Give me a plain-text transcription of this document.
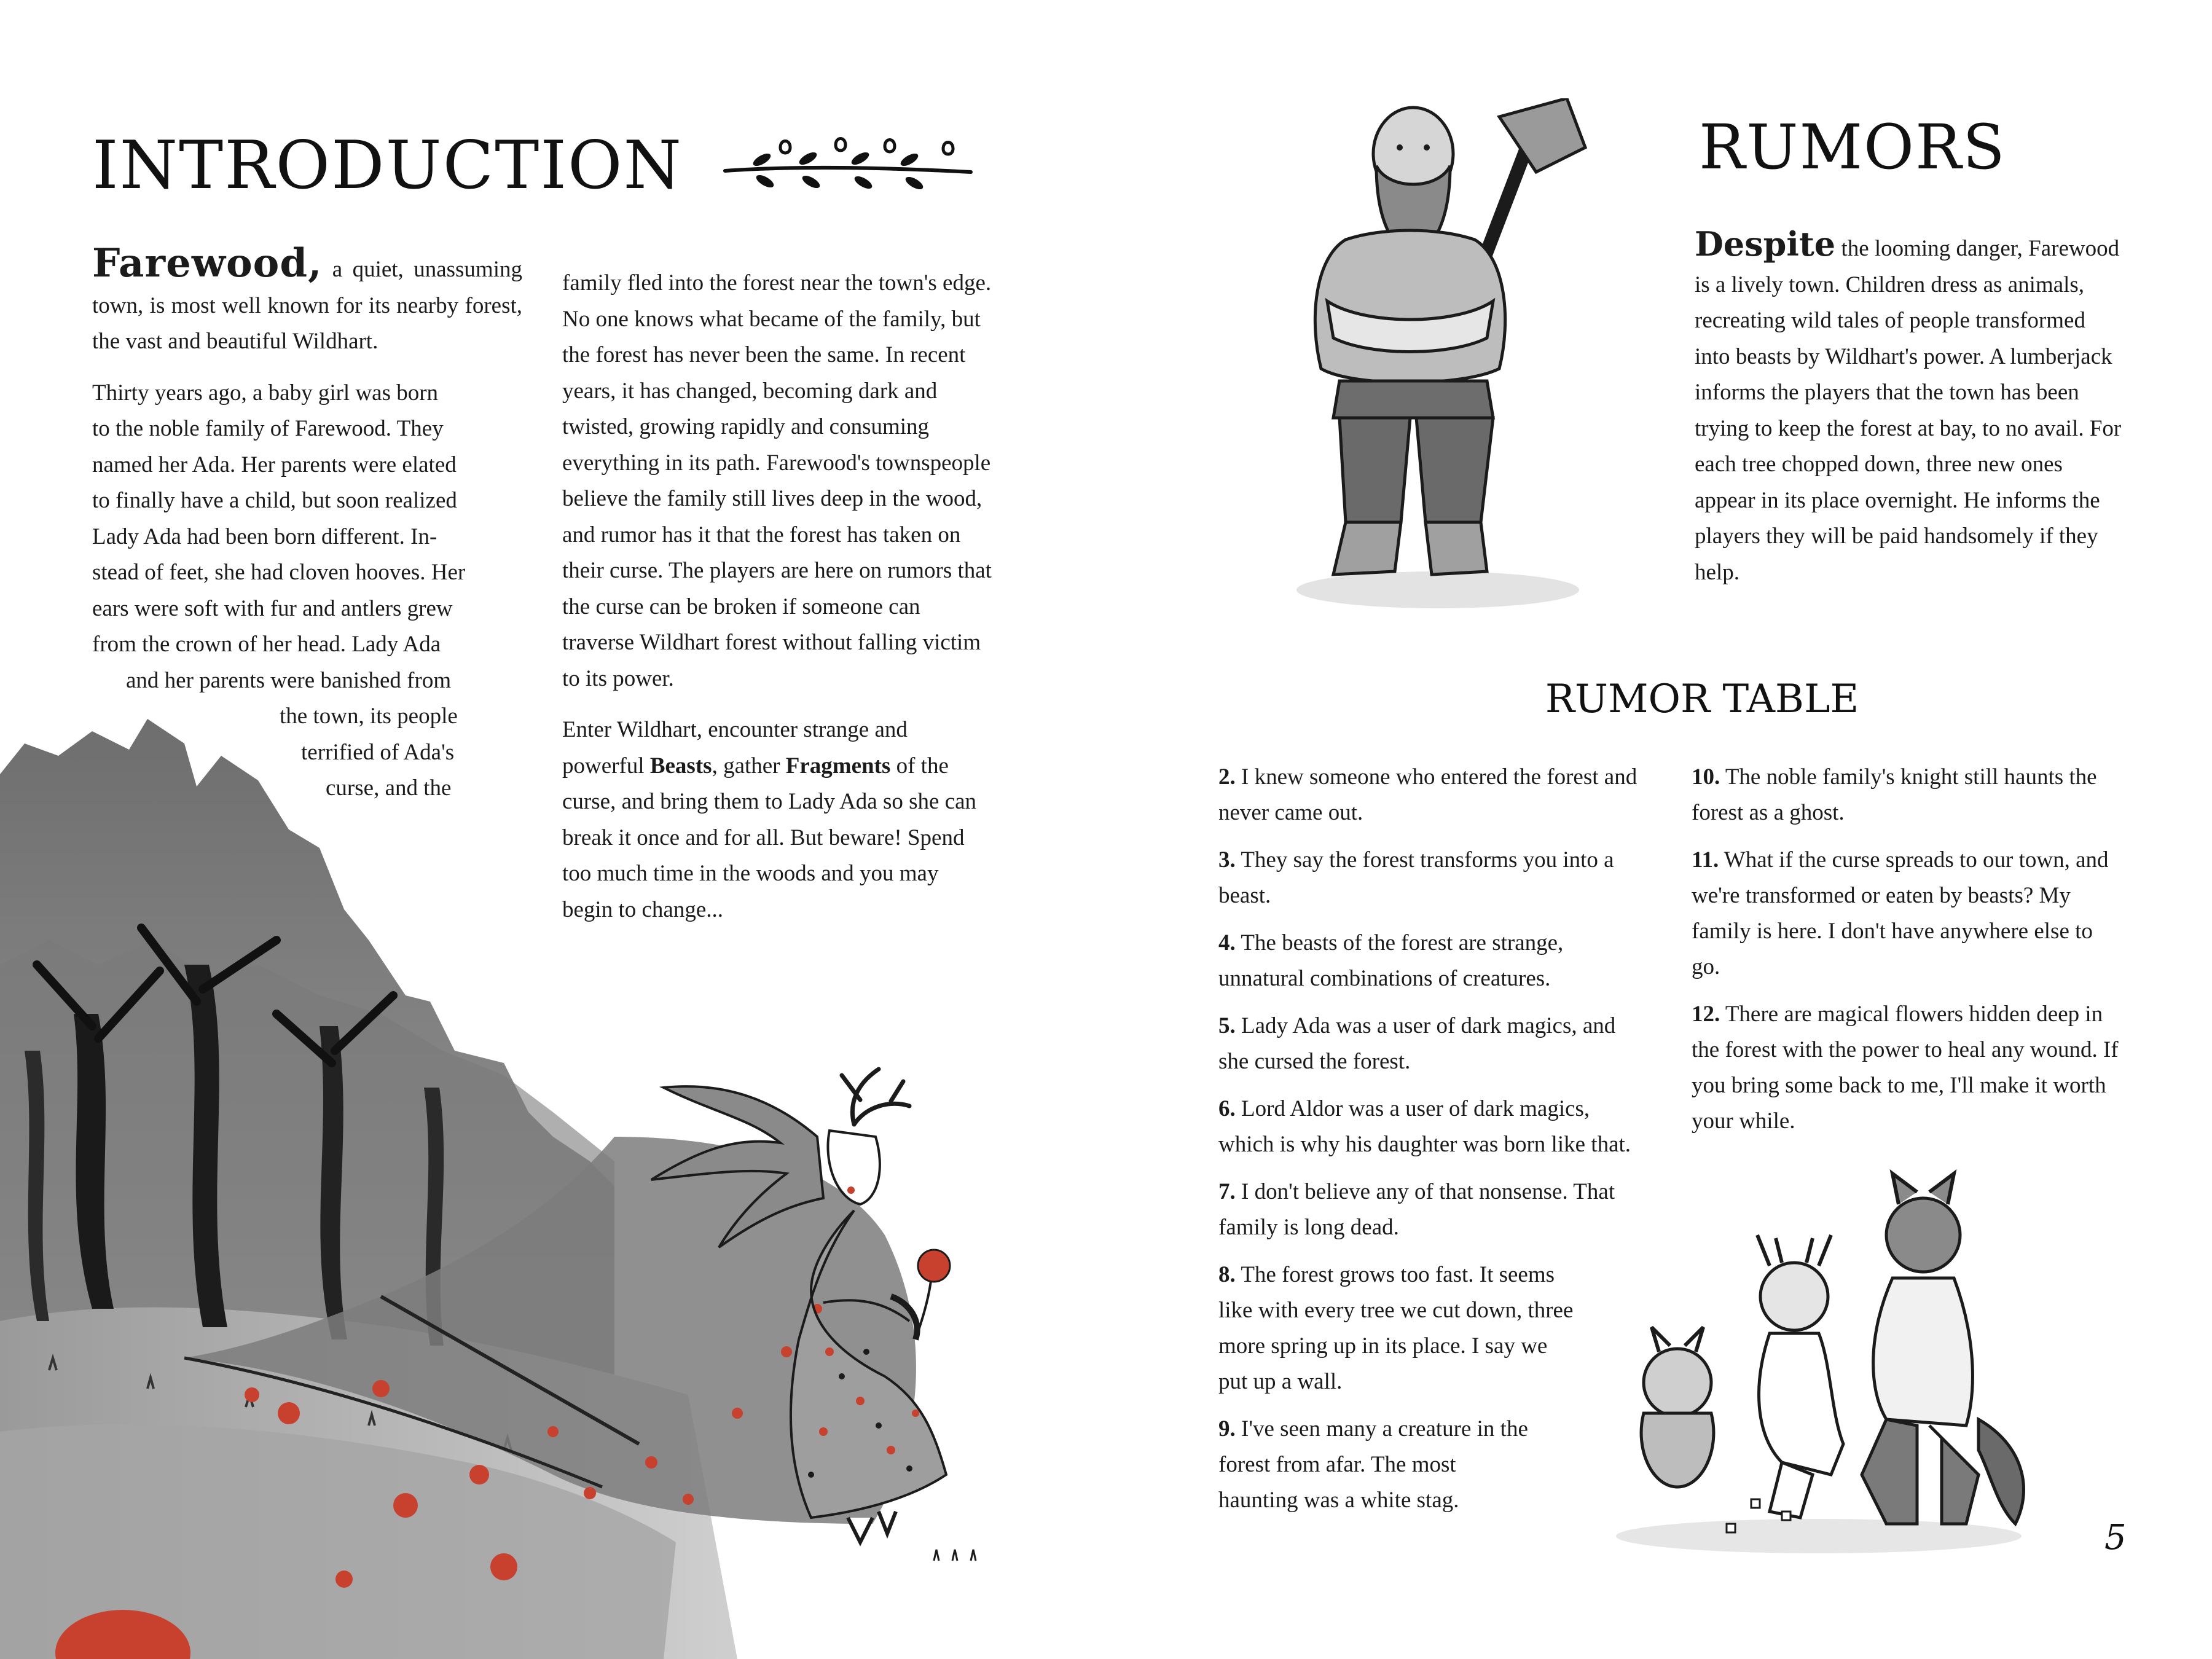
INTRODUCTION

Farewood, a quiet, unassuming town, is most well known for its nearby forest, the vast and beautiful Wildhart.

Thirty years ago, a baby girl was born
to the noble family of Farewood. They
named her Ada. Her parents were elated
to finally have a child, but soon realized
Lady Ada had been born different. In-
stead of feet, she had cloven hooves. Her
ears were soft with fur and antlers grew
from the crown of her head. Lady Ada
and her parents were banished from
the town, its people
terrified of Ada's
curse, and the

family fled into the forest near the town's edge. No one knows what became of the family, but the forest has never been the same. In recent years, it has changed, becoming dark and twisted, growing rapidly and consuming everything in its path. Farewood's townspeople believe the family still lives deep in the wood, and rumor has it that the forest has taken on their curse. The players are here on rumors that the curse can be broken if someone can traverse Wildhart forest without falling victim to its power.

Enter Wildhart, encounter strange and powerful Beasts, gather Fragments of the curse, and bring them to Lady Ada so she can break it once and for all. But beware! Spend too much time in the woods and you may begin to change...

RUMORS

Despite the looming danger, Farewood is a lively town. Children dress as animals, recreating wild tales of people transformed into beasts by Wildhart's power. A lumberjack informs the players that the town has been trying to keep the forest at bay, to no avail. For each tree chopped down, three new ones appear in its place overnight. He informs the players they will be paid handsomely if they help.

RUMOR TABLE
2. I knew someone who entered the forest and never came out.
3. They say the forest transforms you into a beast.
4. The beasts of the forest are strange, unnatural combinations of creatures.
5. Lady Ada was a user of dark magics, and she cursed the forest.
6. Lord Aldor was a user of dark magics, which is why his daughter was born like that.
7. I don't believe any of that nonsense. That family is long dead.
8. The forest grows too fast. It seems like with every tree we cut down, three more spring up in its place. I say we put up a wall.
9. I've seen many a creature in the forest from afar. The most haunting was a white stag.
10. The noble family's knight still haunts the forest as a ghost.
11. What if the curse spreads to our town, and we're transformed or eaten by beasts? My family is here. I don't have anywhere else to go.
12. There are magical flowers hidden deep in the forest with the power to heal any wound. If you bring some back to me, I'll make it worth your while.
5
